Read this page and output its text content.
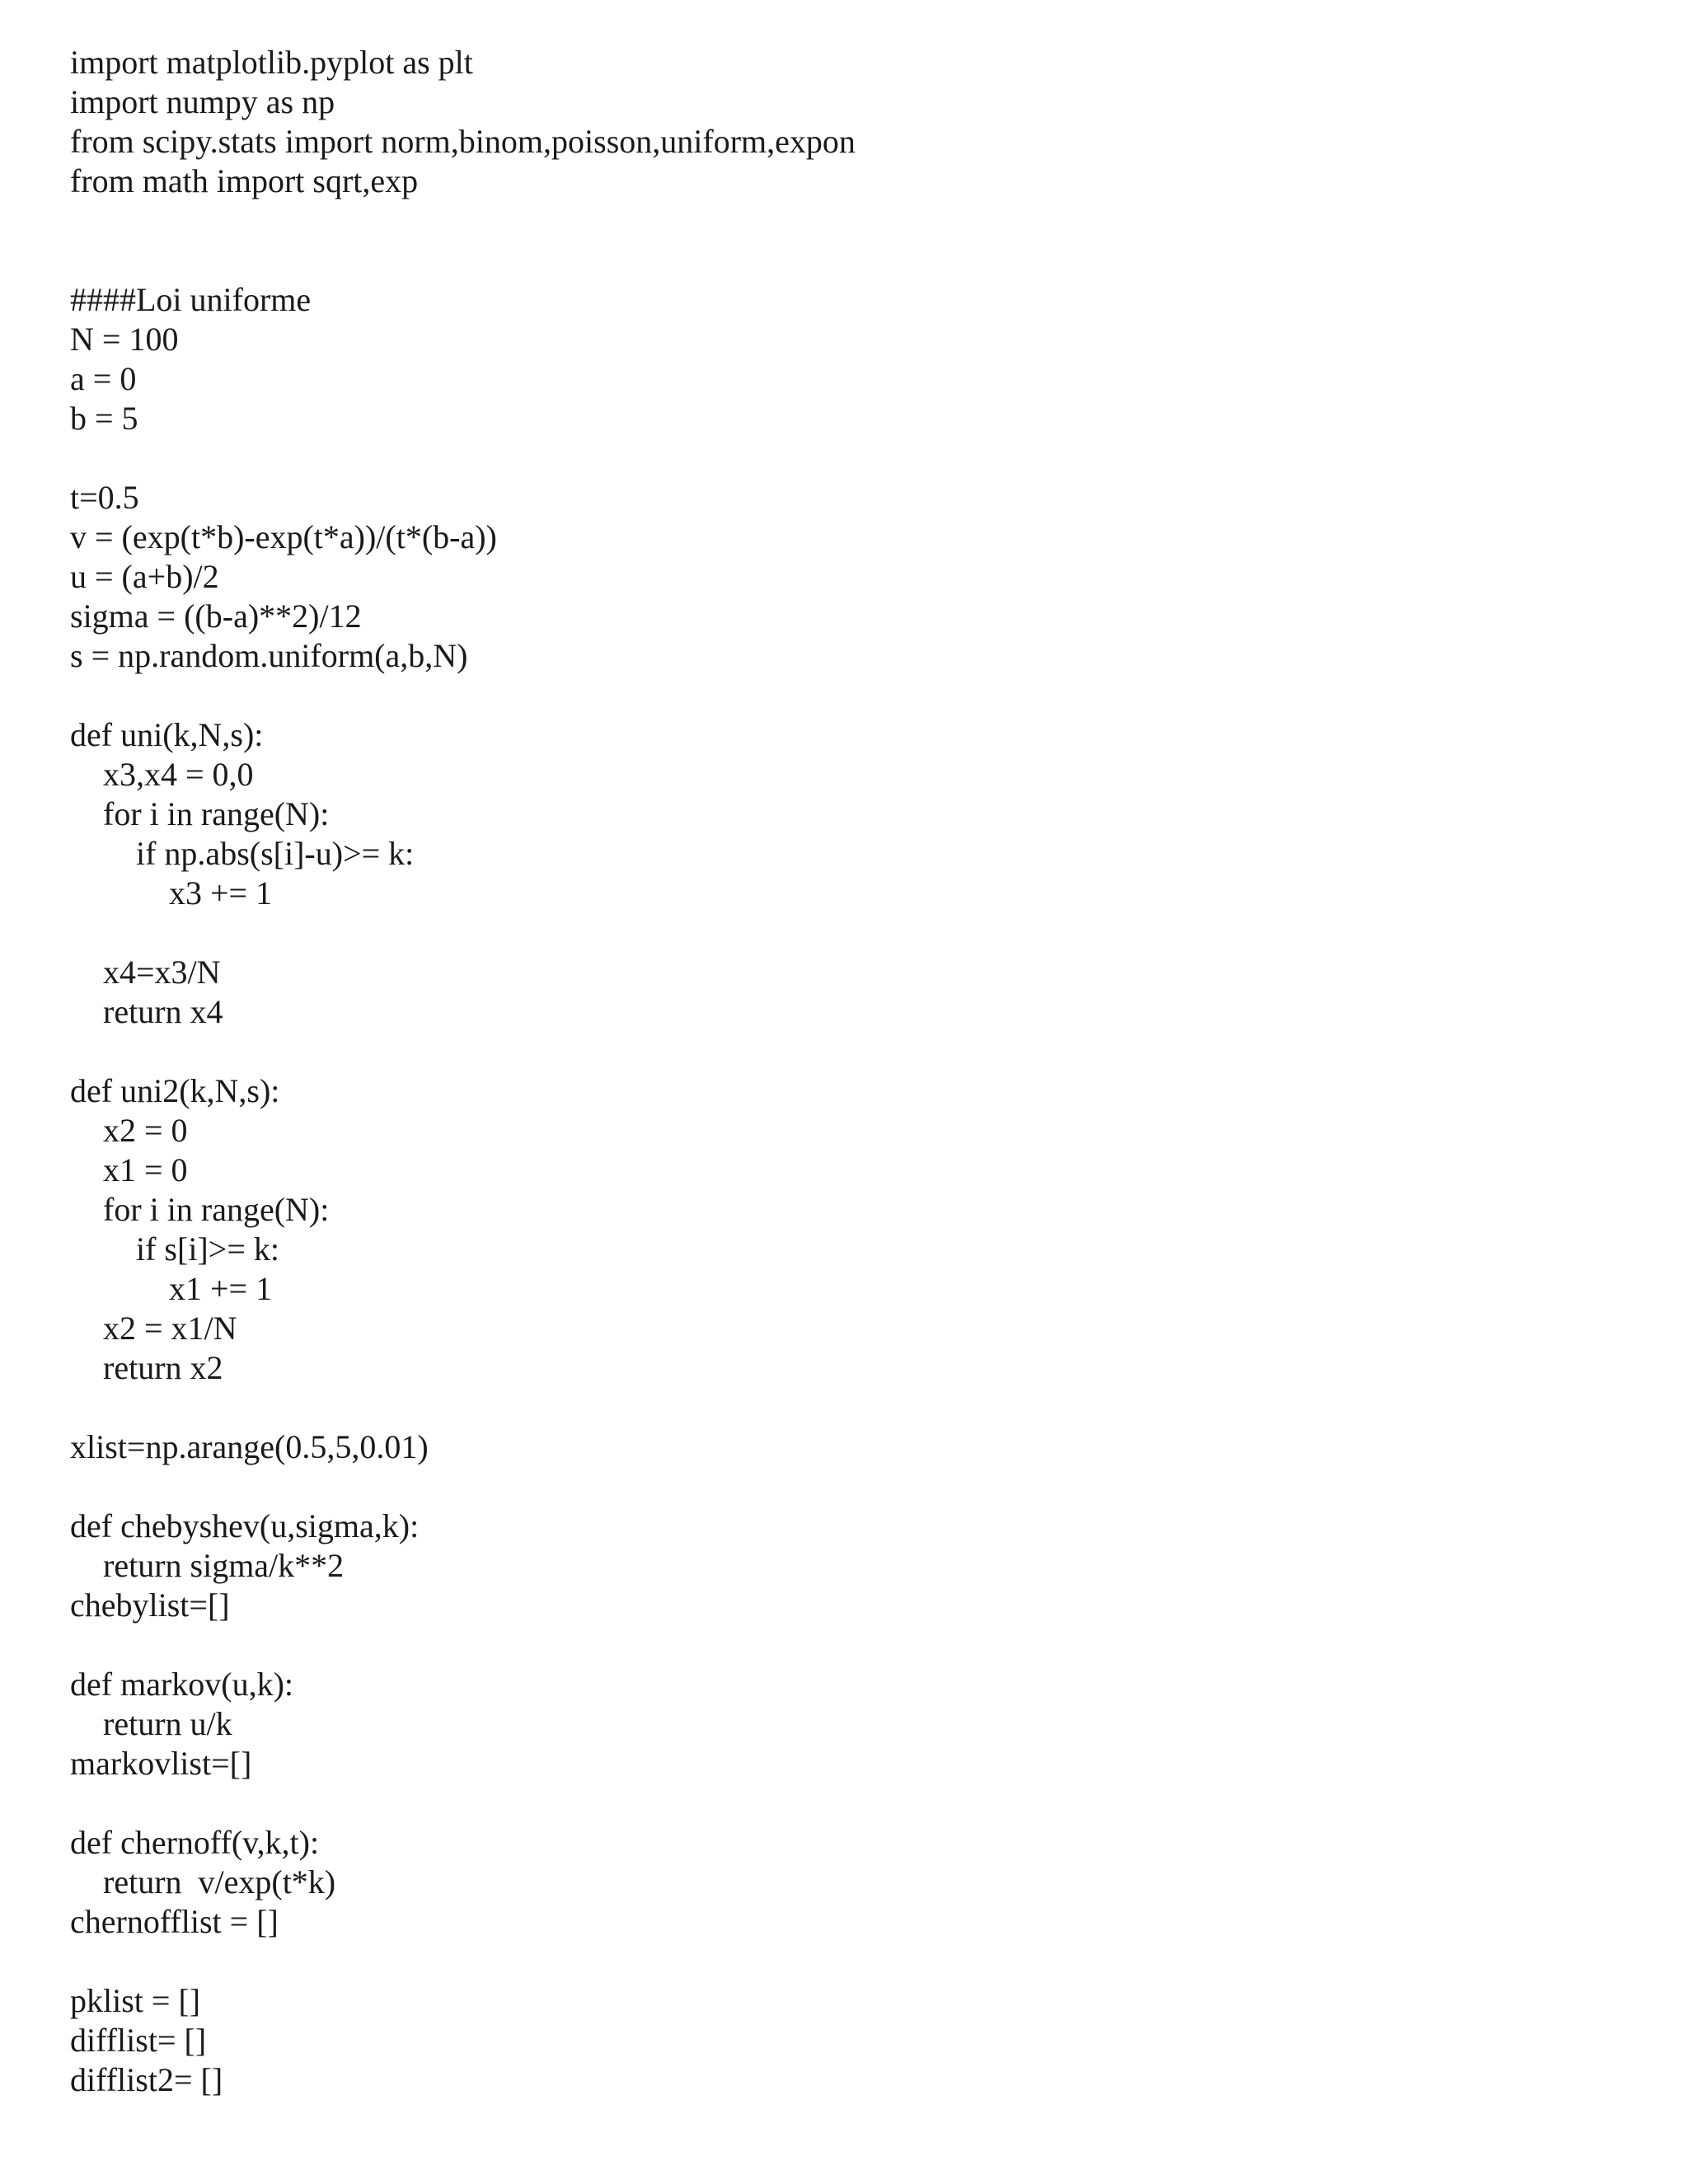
import matplotlib.pyplot as plt
import numpy as np
from scipy.stats import norm,binom,poisson,uniform,expon
from math import sqrt,exp
####Loi uniforme
N = 100
a = 0
b = 5
t=0.5
v = (exp(t*b)-exp(t*a))/(t*(b-a))
u = (a+b)/2
sigma = ((b-a)**2)/12
s = np.random.uniform(a,b,N)
def uni(k,N,s):
x3,x4 = 0,0
for i in range(N):
if np.abs(s[i]-u)>= k:
x3 += 1
x4=x3/N
return x4
def uni2(k,N,s):
x2 = 0
x1 = 0
for i in range(N):
if s[i]>= k:
x1 += 1
x2 = x1/N
return x2
xlist=np.arange(0.5,5,0.01)
def chebyshev(u,sigma,k):
return sigma/k**2
chebylist=[]
def markov(u,k):
return u/k
markovlist=[]
def chernoff(v,k,t):
return  v/exp(t*k)
chernofflist = []
pklist = []
difflist= []
difflist2= []
